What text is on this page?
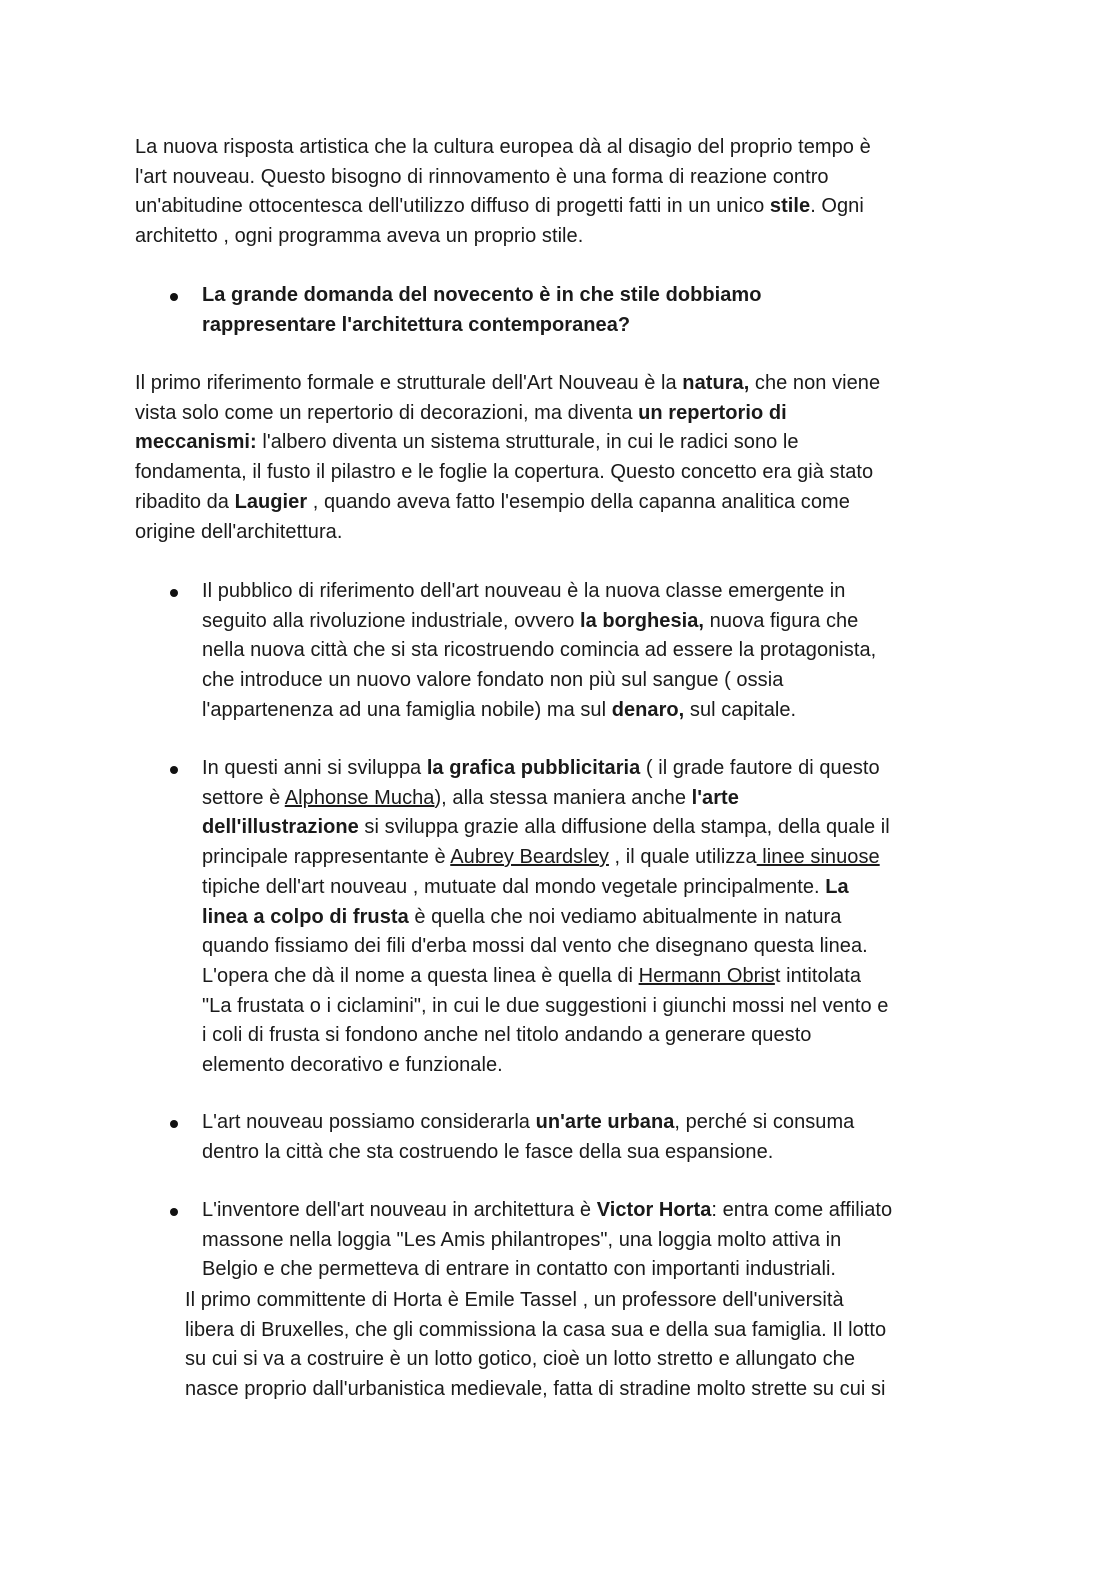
La nuova risposta artistica che la cultura europea dà al disagio del proprio tempo è
l'art nouveau. Questo bisogno di rinnovamento è una forma di reazione contro
un'abitudine ottocentesca dell'utilizzo diffuso di progetti fatti in un unico stile. Ogni
architetto , ogni programma aveva un proprio stile.
La grande domanda del novecento è in che stile dobbiamo
rappresentare l'architettura contemporanea?
Il primo riferimento formale e strutturale dell'Art Nouveau è la natura, che non viene
vista solo come un repertorio di decorazioni, ma diventa un repertorio di
meccanismi: l'albero diventa un sistema strutturale, in cui le radici sono le
fondamenta, il fusto il pilastro e le foglie la copertura. Questo concetto era già stato
ribadito da Laugier , quando aveva fatto l'esempio della capanna analitica come
origine dell'architettura.
Il pubblico di riferimento dell'art nouveau è la nuova classe emergente in
seguito alla rivoluzione industriale, ovvero la borghesia, nuova figura che
nella nuova città che si sta ricostruendo comincia ad essere la protagonista,
che introduce un nuovo valore fondato non più sul sangue ( ossia
l'appartenenza ad una famiglia nobile) ma sul denaro, sul capitale.
In questi anni si sviluppa la grafica pubblicitaria ( il grade fautore di questo
settore è Alphonse Mucha), alla stessa maniera anche l'arte
dell'illustrazione si sviluppa grazie alla diffusione della stampa, della quale il
principale rappresentante è Aubrey Beardsley , il quale utilizza linee sinuose
tipiche dell'art nouveau , mutuate dal mondo vegetale principalmente. La
linea a colpo di frusta è quella che noi vediamo abitualmente in natura
quando fissiamo dei fili d'erba mossi dal vento che disegnano questa linea.
L'opera che dà il nome a questa linea è quella di Hermann Obrist intitolata
"La frustata o i ciclamini", in cui le due suggestioni i giunchi mossi nel vento e
i coli di frusta si fondono anche nel titolo andando a generare questo
elemento decorativo e funzionale.
L'art nouveau possiamo considerarla un'arte urbana, perché si consuma
dentro la città che sta costruendo le fasce della sua espansione.
L'inventore dell'art nouveau in architettura è Victor Horta: entra come affiliato
massone nella loggia "Les Amis philantropes", una loggia molto attiva in
Belgio e che permetteva di entrare in contatto con importanti industriali.
Il primo committente di Horta è Emile Tassel , un professore dell'università
libera di Bruxelles, che gli commissiona la casa sua e della sua famiglia. Il lotto
su cui si va a costruire è un lotto gotico, cioè un lotto stretto e allungato che
nasce proprio dall'urbanistica medievale, fatta di stradine molto strette su cui si
